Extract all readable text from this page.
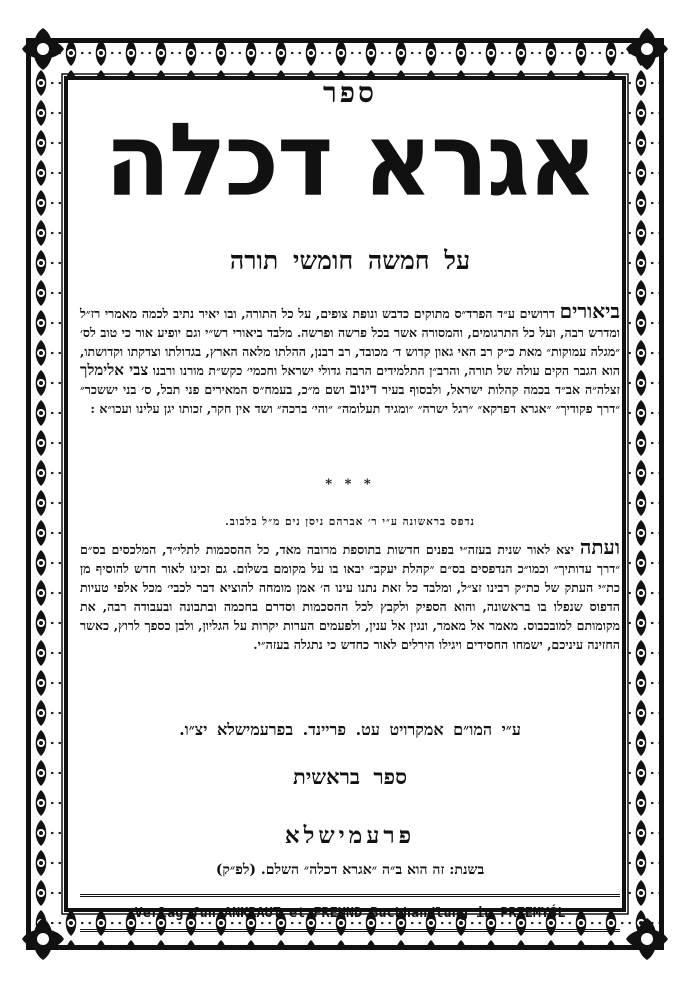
ספר
אגרא דכלה
על חמשה חומשי תורה
ביאורים דרושים ע״ד הפרד״ס מתוקים כדבש ונופת צופים, על כל התורה, ובו יאיר נתיב לכמה מאמרי רז״ל ומדרש רבה, ועל כל התרגומים, והמסורה אשר בכל פרשה ופרשה. מלבד ביאורי רש״י וגם יופיע אור כי טוב לס׳ ״מגלה עמוקות״ מאת כ״ק רב האי גאון קדוש ד׳ מכובד, רב רבנן, ההלתו מלאה הארץ, בגדולתו וצדקתו וקדושתו, הוא הגבר הקים עולה של תורה, והרב״ן התלמידים הרבה גדולי ישראל וחכמי׳ כקש״ת מורנו ורבנו צבי אלימלך זצלה״ה אב״ד בכמה קהלות ישראל, ולבסוף בעיר דינוב ושם מ״כ, בעמח״ס המאירים פני תבל, ס׳ בני יששכר״ ״דרך פקודיך״ ״אגרא דפרקא״ ״רגל ישרה״ ״ומגיד תעלומה״ ״והי׳ ברכה״ ושד אין חקר, זכותו יגן עלינו ועכו״א :
* * *
נדפס בראשונה ע״י ר׳ אברהם ניסן נים מ״ל בלבוב.
ועתה יצא לאור שנית בעזה״י בפנים חדשות בתוספת מרובה מאד, כל ההסכמות לתלי״ד, המלכסים בס״ם ״דרך עדותיך״ וכמו״כ הנדפסים בס״ם ״קהלת יעקב״ יבאו בו על מקומם בשלום. גם זכינו לאור חדש להוסיף מן כת״י העתק של כת״ק רבינו זצ״ל, ומלבד כל זאת נתנו עינו ה׳ אמן מומחה להוציא דבר לכבי׳ מכל אלפי טעיות הדפוס שנפלו בו בראשונה, והוא הספיק ולקבץ לכל ההסכמות וסדרם בחכמה ובתבונה ובעבודה רבה, את מקומותם למובכבוס. מאמר אל מאמר, ונגין אל ענין, ולפעמים הערות יקרות על הגליון, ולבן כספך לרוץ, כאשר החזינה עיניכם, ישמחו החסידים ויגילו הירלים לאור כחדש כי נתגלה בעזה״י.
ע״י המו״ם אמקרויט עט. פריינד. בפרעמישלא יצ״ו.
ספר בראשית
פרעמישלא
בשנת: זה הוא ב״ה ״אגרא דכלה״ השלם. (לפ״ק)
Verlag fun ANKRAUT et FREUND Buchhandlung in PRZEMYŚL
